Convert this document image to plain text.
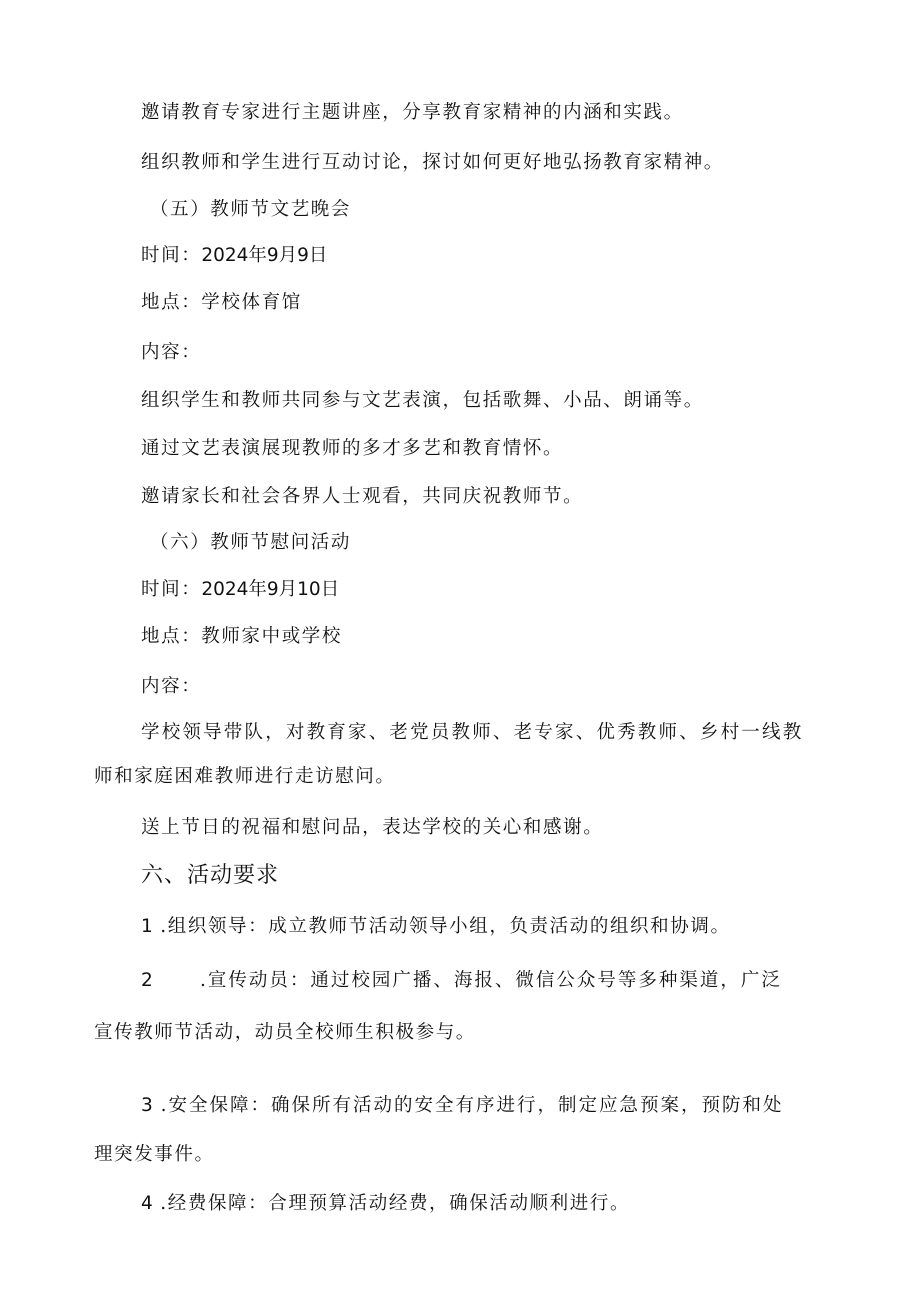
邀请教育专家进行主题讲座，分享教育家精神的内涵和实践。
组织教师和学生进行互动讨论，探讨如何更好地弘扬教育家精神。
（五）教师节文艺晚会
时间：2024年9月9日
地点：学校体育馆
内容：
组织学生和教师共同参与文艺表演，包括歌舞、小品、朗诵等。
通过文艺表演展现教师的多才多艺和教育情怀。
邀请家长和社会各界人士观看，共同庆祝教师节。
（六）教师节慰问活动
时间：2024年9月10日
地点：教师家中或学校
内容：
学校领导带队，对教育家、老党员教师、老专家、优秀教师、乡村一线教
师和家庭困难教师进行走访慰问。
送上节日的祝福和慰问品，表达学校的关心和感谢。
六、活动要求
1 .组织领导：成立教师节活动领导小组，负责活动的组织和协调。
2	.宣传动员：通过校园广播、海报、微信公众号等多种渠道，广泛
宣传教师节活动，动员全校师生积极参与。
3 .安全保障：确保所有活动的安全有序进行，制定应急预案，预防和处
理突发事件。
4 .经费保障：合理预算活动经费，确保活动顺利进行。
